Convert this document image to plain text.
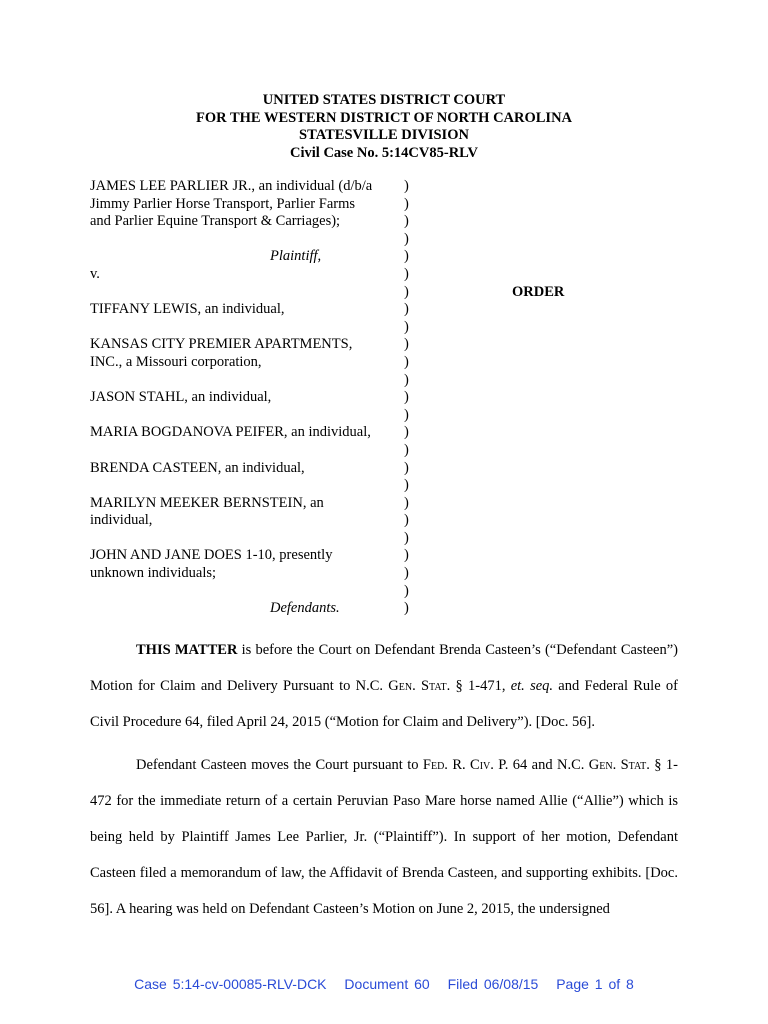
UNITED STATES DISTRICT COURT
FOR THE WESTERN DISTRICT OF NORTH CAROLINA
STATESVILLE DIVISION
Civil Case No. 5:14CV85-RLV
JAMES LEE PARLIER JR., an individual (d/b/a
Jimmy Parlier Horse Transport, Parlier Farms
and Parlier Equine Transport & Carriages);
Plaintiff,
v.
TIFFANY LEWIS, an individual,
KANSAS CITY PREMIER APARTMENTS,
INC., a Missouri corporation,
JASON STAHL, an individual,
MARIA BOGDANOVA PEIFER, an individual,
BRENDA CASTEEN, an individual,
MARILYN MEEKER BERNSTEIN, an
individual,
JOHN AND JANE DOES 1-10, presently
unknown individuals;
Defendants.
)
)
)
)
)
)
)
)
)
)
)
)
)
)
)
)
)
)
)
)
)
)
)
)
)
ORDER

THIS MATTER is before the Court on Defendant Brenda Casteen’s (“Defendant Casteen”) Motion for Claim and Delivery Pursuant to N.C. Gen. Stat. § 1-471, et. seq. and Federal Rule of Civil Procedure 64, filed April 24, 2015 (“Motion for Claim and Delivery”). [Doc. 56].

Defendant Casteen moves the Court pursuant to Fed. R. Civ. P. 64 and N.C. Gen. Stat. § 1-472 for the immediate return of a certain Peruvian Paso Mare horse named Allie (“Allie”) which is being held by Plaintiff James Lee Parlier, Jr. (“Plaintiff”). In support of her motion, Defendant Casteen filed a memorandum of law, the Affidavit of Brenda Casteen, and supporting exhibits. [Doc. 56]. A hearing was held on Defendant Casteen’s Motion on June 2, 2015, the undersigned

Case 5:14-cv-00085-RLV-DCK Document 60 Filed 06/08/15 Page 1 of 8
